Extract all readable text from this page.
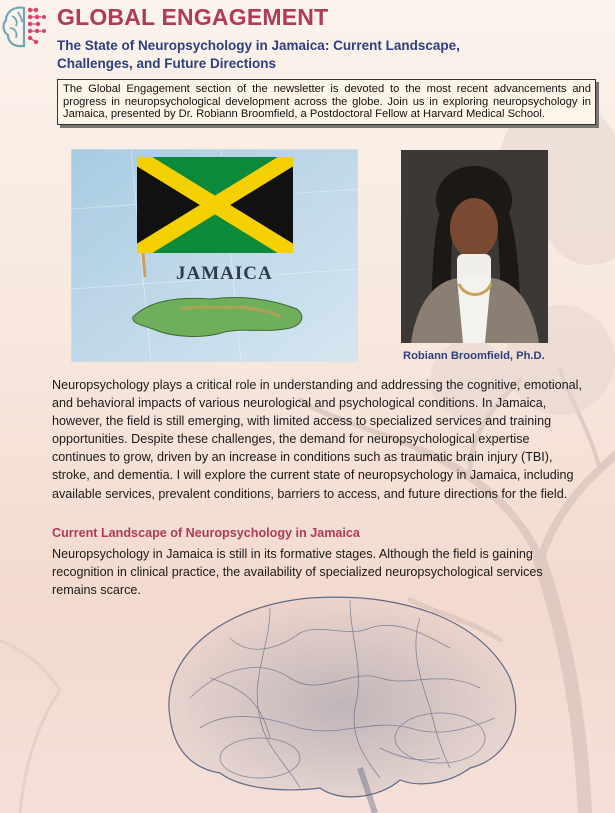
GLOBAL ENGAGEMENT
The State of Neuropsychology in Jamaica: Current Landscape, Challenges, and Future Directions
The Global Engagement section of the newsletter is devoted to the most recent advancements and progress in neuropsychological development across the globe. Join us in exploring neuropsychology in Jamaica, presented by Dr. Robiann Broomfield, a Postdoctoral Fellow at Harvard Medical School.
JAMAICA

Robiann Broomfield, Ph.D.

Neuropsychology plays a critical role in understanding and addressing the cognitive, emotional, and behavioral impacts of various neurological and psychological conditions. In Jamaica, however, the field is still emerging, with limited access to specialized services and training opportunities. Despite these challenges, the demand for neuropsychological expertise continues to grow, driven by an increase in conditions such as traumatic brain injury (TBI), stroke, and dementia. I will explore the current state of neuropsychology in Jamaica, including available services, prevalent conditions, barriers to access, and future directions for the field.

Current Landscape of Neuropsychology in Jamaica

Neuropsychology in Jamaica is still in its formative stages. Although the field is gaining recognition in clinical practice, the availability of specialized neuropsychological services remains scarce.
